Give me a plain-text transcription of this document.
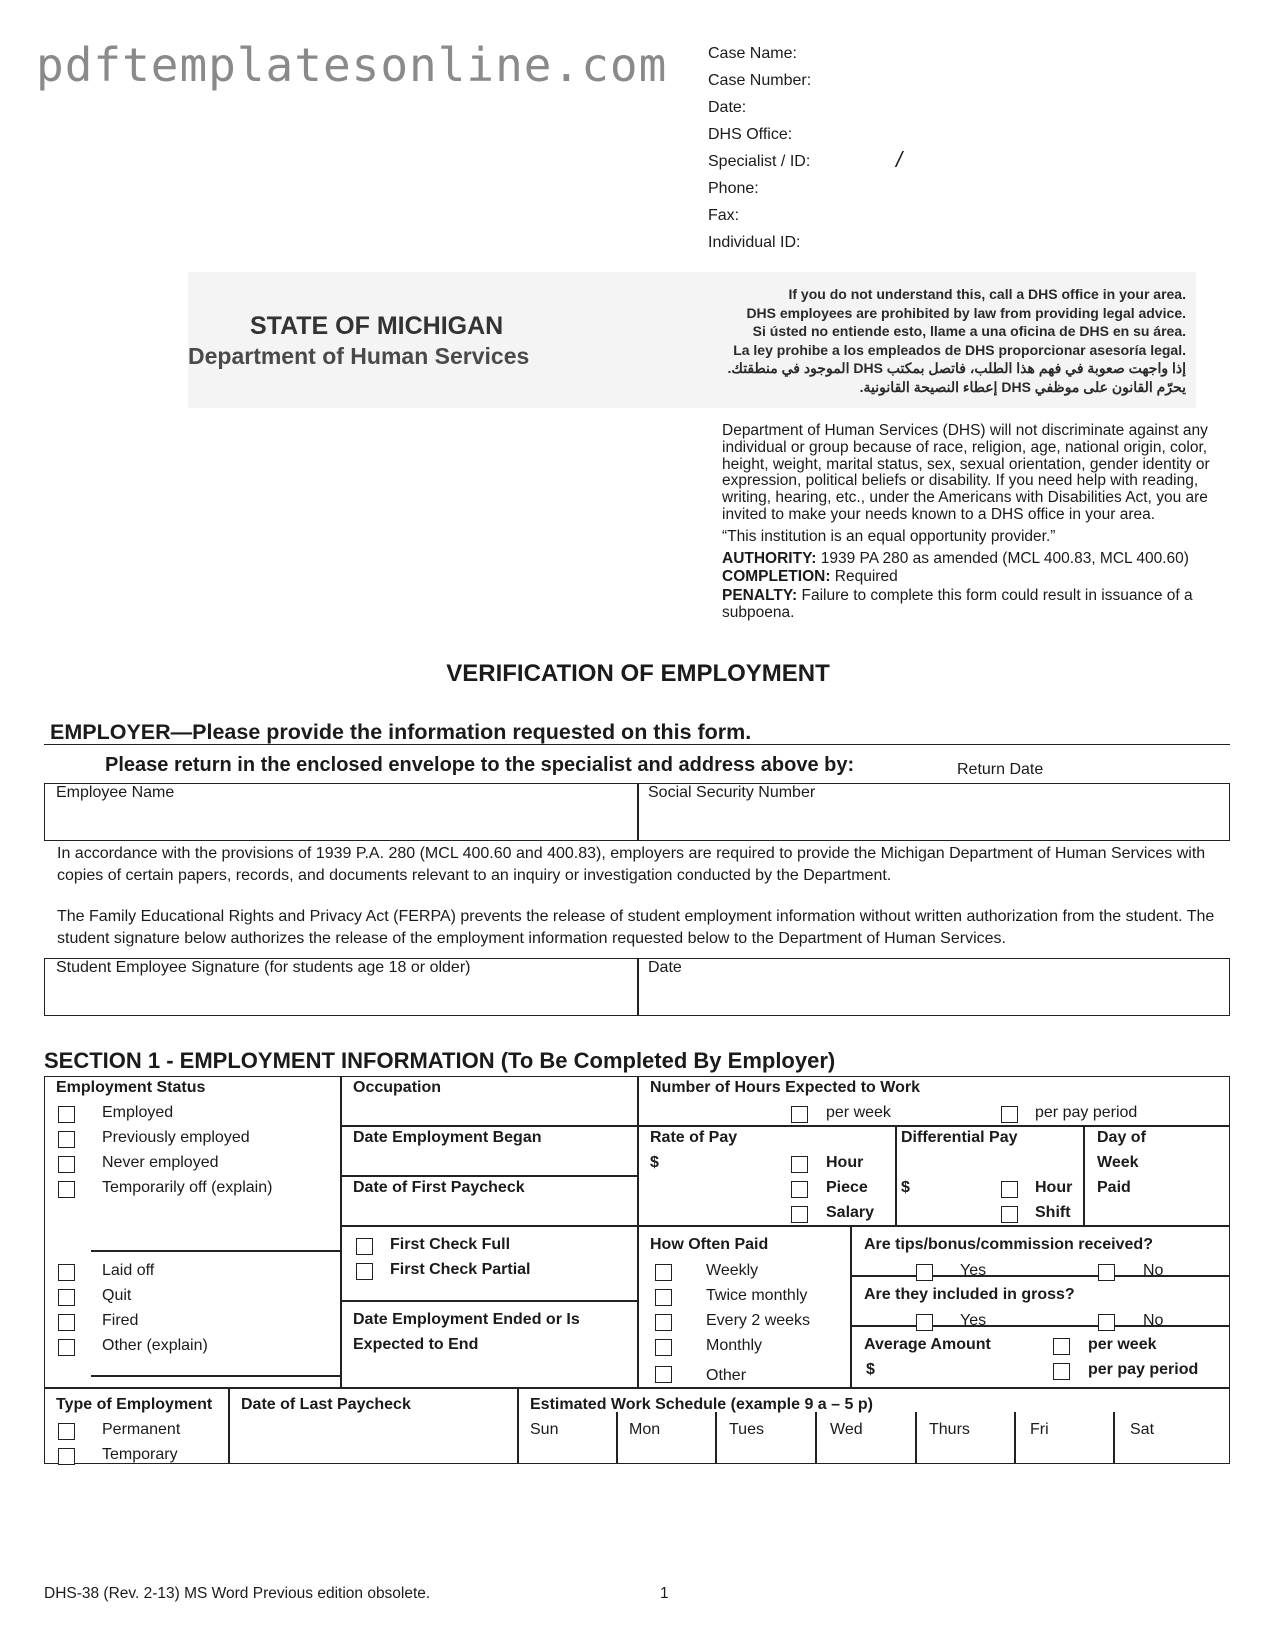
pdftemplatesonline.com	Case Name:
Case Number:
Date:
DHS Office:
Specialist / ID:
Phone:
Fax:
Individual ID:
/
STATE OF MICHIGAN
Department of Human Services
If you do not understand this, call a DHS office in your area.
DHS employees are prohibited by law from providing legal advice.
Si ústed no entiende esto, llame a una oficina de DHS en su área.
La ley prohibe a los empleados de DHS proporcionar asesoría legal.
إذا واجهت صعوبة في فهم هذا الطلب، فاتصل بمكتب DHS الموجود في منطقتك.
يحرّم القانون على موظفي DHS إعطاء النصيحة القانونية.

Department of Human Services (DHS) will not discriminate against any individual or group because of race, religion, age, national origin, color, height, weight, marital status, sex, sexual orientation, gender identity or expression, political beliefs or disability. If you need help with reading, writing, hearing, etc., under the Americans with Disabilities Act, you are invited to make your needs known to a DHS office in your area.

“This institution is an equal opportunity provider.”

AUTHORITY: 1939 PA 280 as amended (MCL 400.83, MCL 400.60)

COMPLETION: Required

PENALTY: Failure to complete this form could result in issuance of a subpoena.

VERIFICATION OF EMPLOYMENT
EMPLOYER—Please provide the information requested on this form.
Please return in the enclosed envelope to the specialist and address above by:	Return Date
Employee Name	Social Security Number
In accordance with the provisions of 1939 P.A. 280 (MCL 400.60 and 400.83), employers are required to provide the Michigan Department of Human Services with copies of certain papers, records, and documents relevant to an inquiry or investigation conducted by the Department.
The Family Educational Rights and Privacy Act (FERPA) prevents the release of student employment information without written authorization from the student. The student signature below authorizes the release of the employment information requested below to the Department of Human Services.
Student Employee Signature (for students age 18 or older)	Date
SECTION 1 - EMPLOYMENT INFORMATION (To Be Completed By Employer)
Employment Status
Employed
Previously employed
Never employed
Temporarily off (explain)
Laid off
Quit
Fired
Other (explain)
Occupation
Date Employment Began
Date of First Paycheck
First Check Full
First Check Partial
Date Employment Ended or Is
Expected to End
Number of Hours Expected to Work
per week	per pay period
Rate of Pay
$	Hour
Piece
Salary
Differential Pay
$	Hour
Shift
Day of
Week
Paid
How Often Paid
Weekly
Twice monthly
Every 2 weeks
Monthly
Other
Are tips/bonus/commission received?
Yes	No
Are they included in gross?
Yes	No
Average Amount
$
per week
per pay period
Type of Employment
Permanent
Temporary
Date of Last Paycheck	Estimated Work Schedule (example 9 a – 5 p)
Sun	Mon	Tues	Wed	Thurs	Fri	Sat
DHS-38 (Rev. 2-13) MS Word Previous edition obsolete.	1
